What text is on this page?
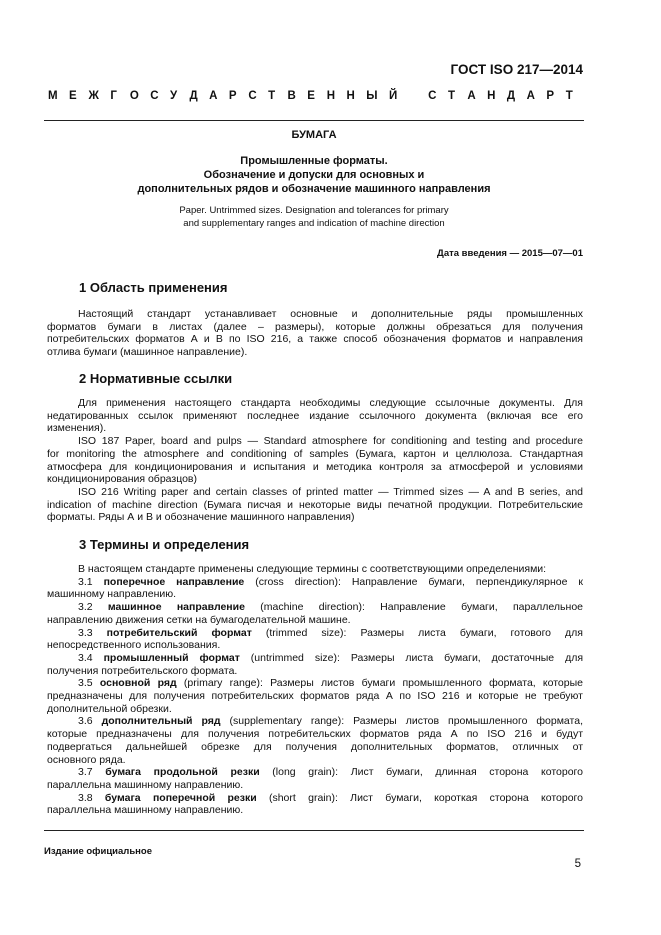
ГОСТ ISO 217—2014
М Е Ж Г О С У Д А Р С Т В Е Н Н Ы Й	С Т А Н Д А Р Т
БУМАГА
Промышленные форматы.
Обозначение и допуски для основных и
дополнительных рядов и обозначение машинного направления
Paper. Untrimmed sizes. Designation and tolerances for primary
and supplementary ranges and indication of machine direction
Дата введения — 2015—07—01
1 Область применения
Настоящий стандарт устанавливает основные и дополнительные ряды промышленных
форматов бумаги в листах (далее – размеры), которые должны обрезаться для получения
потребительских форматов А и В по ISO 216, а также способ обозначения форматов и направления
отлива бумаги (машинное направление).
2 Нормативные ссылки
Для применения настоящего стандарта необходимы следующие ссылочные документы. Для
недатированных ссылок применяют последнее издание ссылочного документа (включая все его
изменения).
ISO 187 Paper, board and pulps — Standard atmosphere for conditioning and testing and procedure
for monitoring the atmosphere and conditioning of samples (Бумага, картон и целлюлоза. Стандартная
атмосфера для кондиционирования и испытания и методика контроля за атмосферой и условиями
кондиционирования образцов)
ISO 216 Writing paper and certain classes of printed matter — Trimmed sizes — A and B series, and
indication of machine direction (Бумага писчая и некоторые виды печатной продукции. Потребительские
форматы. Ряды А и В и обозначение машинного направления)
3 Термины и определения
В настоящем стандарте применены следующие термины с соответствующими определениями:
3.1 поперечное направление (cross direction): Направление бумаги, перпендикулярное к
машинному направлению.
3.2 машинное направление (machine direction): Направление бумаги, параллельное
направлению движения сетки на бумагоделательной машине.
3.3 потребительский формат (trimmed size): Размеры листа бумаги, готового для
непосредственного использования.
3.4 промышленный формат (untrimmed size): Размеры листа бумаги, достаточные для
получения потребительского формата.
3.5 основной ряд (primary range): Размеры листов бумаги промышленного формата, которые
предназначены для получения потребительских форматов ряда А по ISO 216 и которые не требуют
дополнительной обрезки.
3.6 дополнительный ряд (supplementary range): Размеры листов промышленного формата,
которые предназначены для получения потребительских форматов ряда А по ISO 216 и будут
подвергаться дальнейшей обрезке для получения дополнительных форматов, отличных от
основного ряда.
3.7 бумага продольной резки (long grain): Лист бумаги, длинная сторона которого
параллельна машинному направлению.
3.8 бумага поперечной резки (short grain): Лист бумаги, короткая сторона которого
параллельна машинному направлению.
Издание официальное
5
